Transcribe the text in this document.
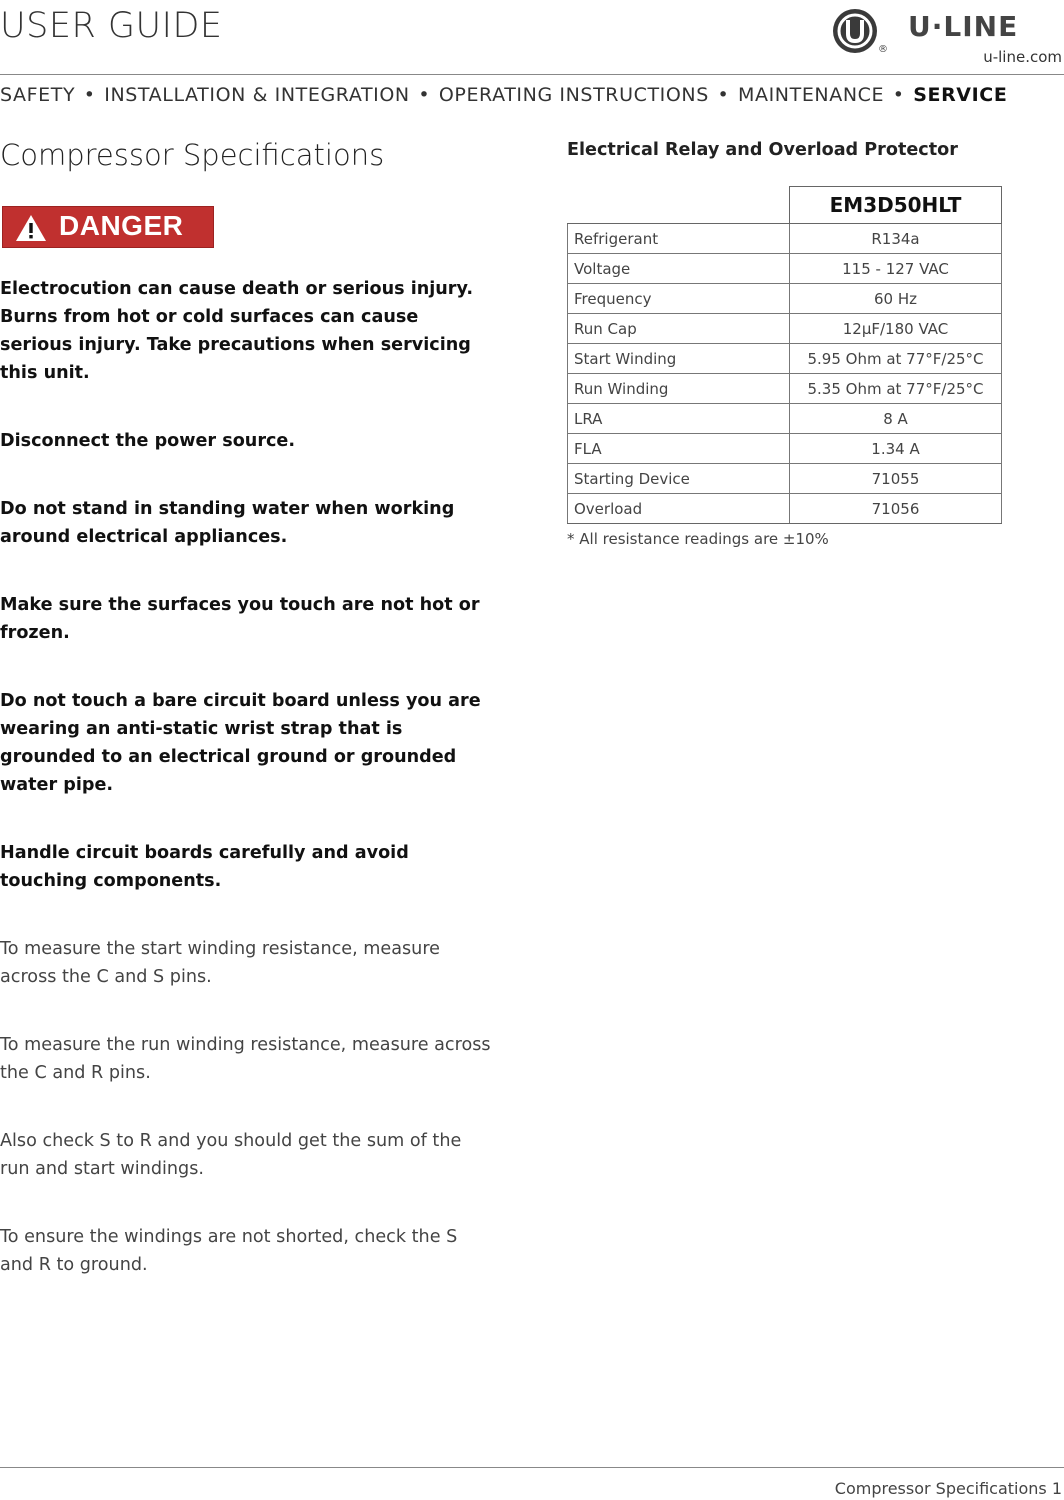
USER GUIDE
®
U·LINE
u-line.com
SAFETY • INSTALLATION & INTEGRATION • OPERATING INSTRUCTIONS • MAINTENANCE • SERVICE
Compressor Specifications
DANGER
Electrocution can cause death or serious injury. Burns from hot or cold surfaces can cause serious injury. Take precautions when servicing this unit.
Disconnect the power source.
Do not stand in standing water when working around electrical appliances.
Make sure the surfaces you touch are not hot or frozen.
Do not touch a bare circuit board unless you are wearing an anti-static wrist strap that is grounded to an electrical ground or grounded water pipe.
Handle circuit boards carefully and avoid touching components.
To measure the start winding resistance, measure across the C and S pins.
To measure the run winding resistance, measure across the C and R pins.
Also check S to R and you should get the sum of the run and start windings.
To ensure the windings are not shorted, check the S and R to ground.
Electrical Relay and Overload Protector
	EM3D50HLT
Refrigerant	R134a
Voltage	115 - 127 VAC
Frequency	60 Hz
Run Cap	12μF/180 VAC
Start Winding	5.95 Ohm at 77°F/25°C
Run Winding	5.35 Ohm at 77°F/25°C
LRA	8 A
FLA	1.34 A
Starting Device	71055
Overload	71056
* All resistance readings are ±10%
Compressor Specifications 1
